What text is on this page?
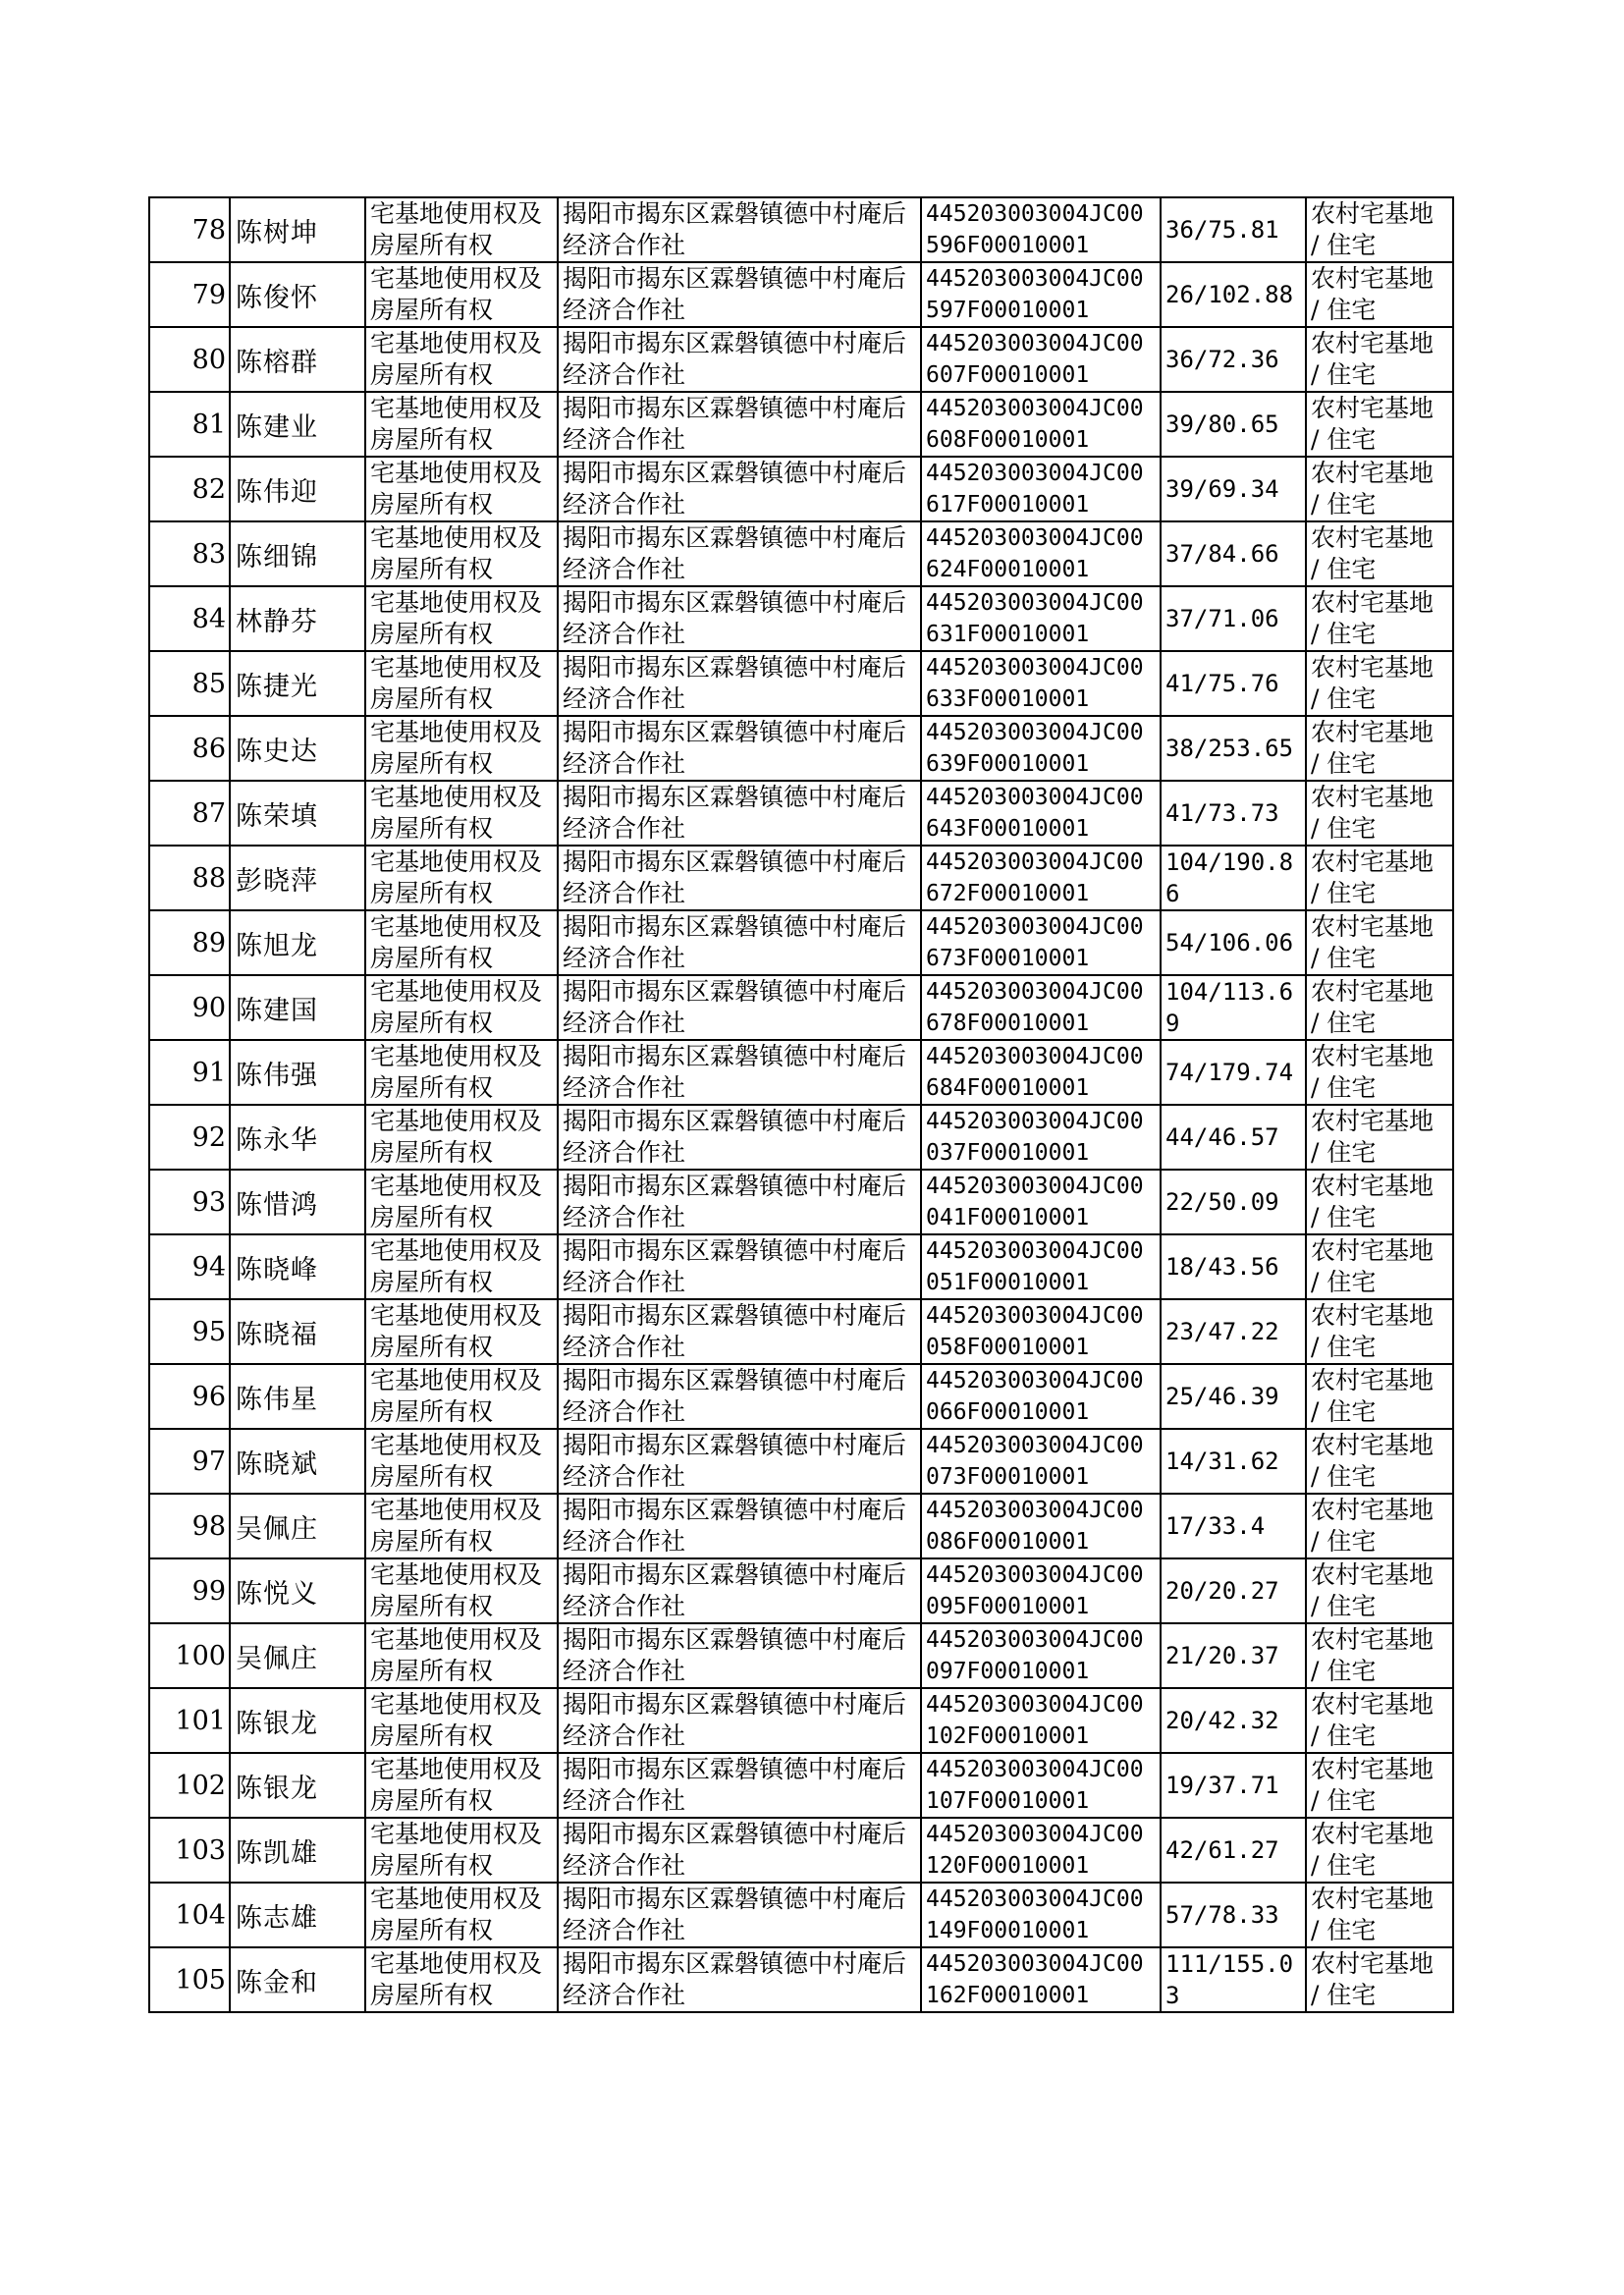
78	陈树坤	宅基地使用权及房屋所有权	揭阳市揭东区霖磐镇德中村庵后经济合作社	445203003004JC00596F00010001	36/75.81	农村宅基地 / 住宅
79	陈俊怀	宅基地使用权及房屋所有权	揭阳市揭东区霖磐镇德中村庵后经济合作社	445203003004JC00597F00010001	26/102.88	农村宅基地 / 住宅
80	陈榕群	宅基地使用权及房屋所有权	揭阳市揭东区霖磐镇德中村庵后经济合作社	445203003004JC00607F00010001	36/72.36	农村宅基地 / 住宅
81	陈建业	宅基地使用权及房屋所有权	揭阳市揭东区霖磐镇德中村庵后经济合作社	445203003004JC00608F00010001	39/80.65	农村宅基地 / 住宅
82	陈伟迎	宅基地使用权及房屋所有权	揭阳市揭东区霖磐镇德中村庵后经济合作社	445203003004JC00617F00010001	39/69.34	农村宅基地 / 住宅
83	陈细锦	宅基地使用权及房屋所有权	揭阳市揭东区霖磐镇德中村庵后经济合作社	445203003004JC00624F00010001	37/84.66	农村宅基地 / 住宅
84	林静芬	宅基地使用权及房屋所有权	揭阳市揭东区霖磐镇德中村庵后经济合作社	445203003004JC00631F00010001	37/71.06	农村宅基地 / 住宅
85	陈捷光	宅基地使用权及房屋所有权	揭阳市揭东区霖磐镇德中村庵后经济合作社	445203003004JC00633F00010001	41/75.76	农村宅基地 / 住宅
86	陈史达	宅基地使用权及房屋所有权	揭阳市揭东区霖磐镇德中村庵后经济合作社	445203003004JC00639F00010001	38/253.65	农村宅基地 / 住宅
87	陈荣填	宅基地使用权及房屋所有权	揭阳市揭东区霖磐镇德中村庵后经济合作社	445203003004JC00643F00010001	41/73.73	农村宅基地 / 住宅
88	彭晓萍	宅基地使用权及房屋所有权	揭阳市揭东区霖磐镇德中村庵后经济合作社	445203003004JC00672F00010001	104/190.86	农村宅基地 / 住宅
89	陈旭龙	宅基地使用权及房屋所有权	揭阳市揭东区霖磐镇德中村庵后经济合作社	445203003004JC00673F00010001	54/106.06	农村宅基地 / 住宅
90	陈建国	宅基地使用权及房屋所有权	揭阳市揭东区霖磐镇德中村庵后经济合作社	445203003004JC00678F00010001	104/113.69	农村宅基地 / 住宅
91	陈伟强	宅基地使用权及房屋所有权	揭阳市揭东区霖磐镇德中村庵后经济合作社	445203003004JC00684F00010001	74/179.74	农村宅基地 / 住宅
92	陈永华	宅基地使用权及房屋所有权	揭阳市揭东区霖磐镇德中村庵后经济合作社	445203003004JC00037F00010001	44/46.57	农村宅基地 / 住宅
93	陈惜鸿	宅基地使用权及房屋所有权	揭阳市揭东区霖磐镇德中村庵后经济合作社	445203003004JC00041F00010001	22/50.09	农村宅基地 / 住宅
94	陈晓峰	宅基地使用权及房屋所有权	揭阳市揭东区霖磐镇德中村庵后经济合作社	445203003004JC00051F00010001	18/43.56	农村宅基地 / 住宅
95	陈晓福	宅基地使用权及房屋所有权	揭阳市揭东区霖磐镇德中村庵后经济合作社	445203003004JC00058F00010001	23/47.22	农村宅基地 / 住宅
96	陈伟星	宅基地使用权及房屋所有权	揭阳市揭东区霖磐镇德中村庵后经济合作社	445203003004JC00066F00010001	25/46.39	农村宅基地 / 住宅
97	陈晓斌	宅基地使用权及房屋所有权	揭阳市揭东区霖磐镇德中村庵后经济合作社	445203003004JC00073F00010001	14/31.62	农村宅基地 / 住宅
98	吴佩庄	宅基地使用权及房屋所有权	揭阳市揭东区霖磐镇德中村庵后经济合作社	445203003004JC00086F00010001	17/33.4	农村宅基地 / 住宅
99	陈悦义	宅基地使用权及房屋所有权	揭阳市揭东区霖磐镇德中村庵后经济合作社	445203003004JC00095F00010001	20/20.27	农村宅基地 / 住宅
100	吴佩庄	宅基地使用权及房屋所有权	揭阳市揭东区霖磐镇德中村庵后经济合作社	445203003004JC00097F00010001	21/20.37	农村宅基地 / 住宅
101	陈银龙	宅基地使用权及房屋所有权	揭阳市揭东区霖磐镇德中村庵后经济合作社	445203003004JC00102F00010001	20/42.32	农村宅基地 / 住宅
102	陈银龙	宅基地使用权及房屋所有权	揭阳市揭东区霖磐镇德中村庵后经济合作社	445203003004JC00107F00010001	19/37.71	农村宅基地 / 住宅
103	陈凯雄	宅基地使用权及房屋所有权	揭阳市揭东区霖磐镇德中村庵后经济合作社	445203003004JC00120F00010001	42/61.27	农村宅基地 / 住宅
104	陈志雄	宅基地使用权及房屋所有权	揭阳市揭东区霖磐镇德中村庵后经济合作社	445203003004JC00149F00010001	57/78.33	农村宅基地 / 住宅
105	陈金和	宅基地使用权及房屋所有权	揭阳市揭东区霖磐镇德中村庵后经济合作社	445203003004JC00162F00010001	111/155.03	农村宅基地 / 住宅
